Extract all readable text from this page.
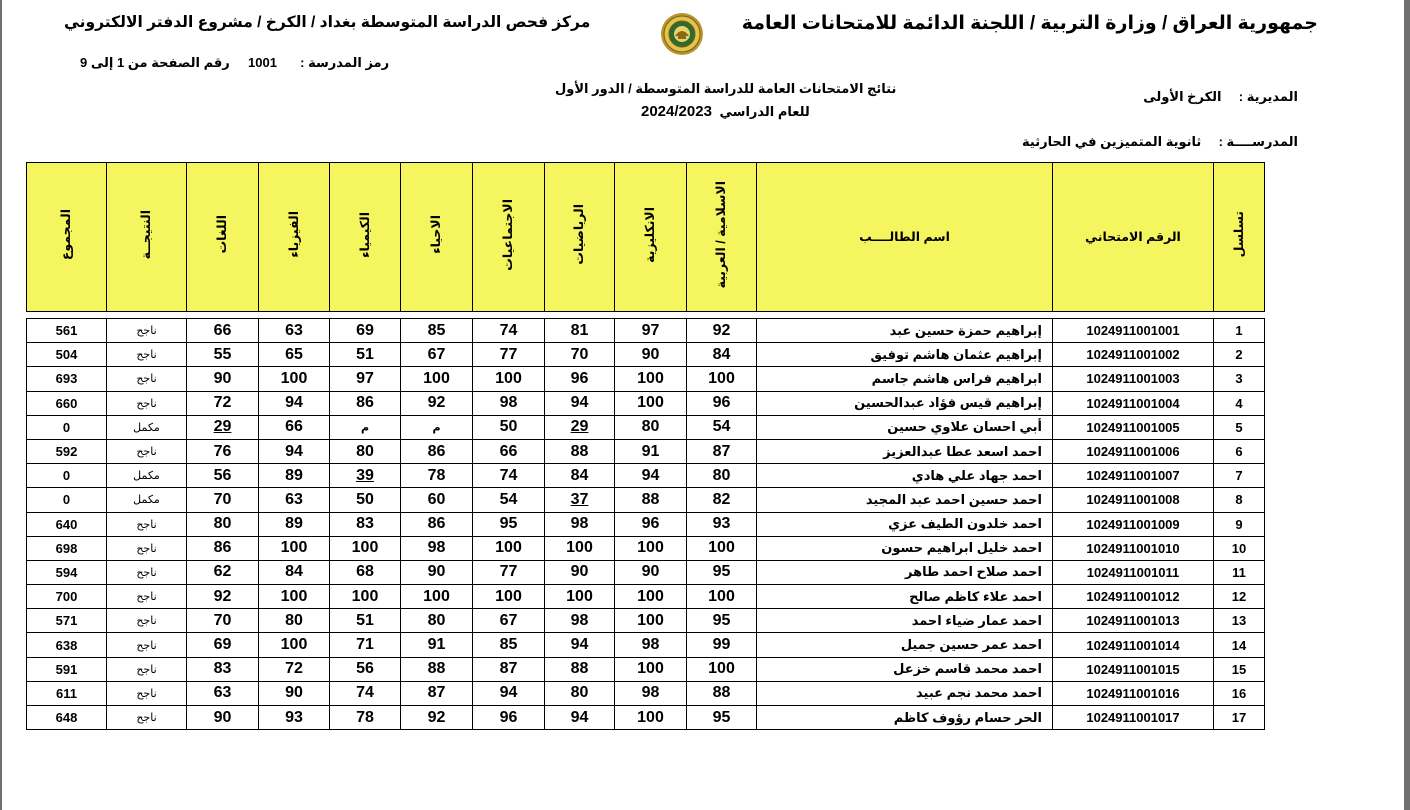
جمهورية العراق / وزارة التربية / اللجنة الدائمة للامتحانات العامة
مركز فحص الدراسة المتوسطة بغداد / الكرخ / مشروع الدفتر الالكتروني
رمز المدرسة :  1001
رقم الصفحة من 1 إلى 9
المديرية :  الكرخ الأولى
نتائج الامتحانات العامة للدراسة المتوسطة / الدور الأول
للعام الدراسي 2024/2023
المدرســــة :  ثانوية المتميزين في الحارثية
تسلسل	الرقم الامتحاني	اسم الطالــــب	الاسلامية / العربية	الانكليزية	الرياضيات	الاجتماعيات	الاحياء	الكيمياء	الفيزياء	اللغات	النتيجــة	المجموع
1	1024911001001	إبراهيم حمزة حسين عبد	92	97	81	74	85	69	63	66	ناجح	561
2	1024911001002	إبراهيم عثمان هاشم توفيق	84	90	70	77	67	51	65	55	ناجح	504
3	1024911001003	ابراهيم فراس هاشم جاسم	100	100	96	100	100	97	100	90	ناجح	693
4	1024911001004	إبراهيم قيس فؤاد عبدالحسين	96	100	94	98	92	86	94	72	ناجح	660
5	1024911001005	أبي احسان علاوي حسين	54	80	29	50	م	م	66	29	مكمل	0
6	1024911001006	احمد اسعد عطا عبدالعزيز	87	91	88	66	86	80	94	76	ناجح	592
7	1024911001007	احمد جهاد علي هادي	80	94	84	74	78	39	89	56	مكمل	0
8	1024911001008	احمد حسين احمد عبد المجيد	82	88	37	54	60	50	63	70	مكمل	0
9	1024911001009	احمد خلدون الطيف عزي	93	96	98	95	86	83	89	80	ناجح	640
10	1024911001010	احمد خليل ابراهيم حسون	100	100	100	100	98	100	100	86	ناجح	698
11	1024911001011	احمد صلاح احمد طاهر	95	90	90	77	90	68	84	62	ناجح	594
12	1024911001012	احمد علاء كاظم صالح	100	100	100	100	100	100	100	92	ناجح	700
13	1024911001013	احمد عمار ضياء احمد	95	100	98	67	80	51	80	70	ناجح	571
14	1024911001014	احمد عمر حسين جميل	99	98	94	85	91	71	100	69	ناجح	638
15	1024911001015	احمد محمد قاسم خزعل	100	100	88	87	88	56	72	83	ناجح	591
16	1024911001016	احمد محمد نجم عبيد	88	98	80	94	87	74	90	63	ناجح	611
17	1024911001017	الحر حسام رؤوف كاظم	95	100	94	96	92	78	93	90	ناجح	648
